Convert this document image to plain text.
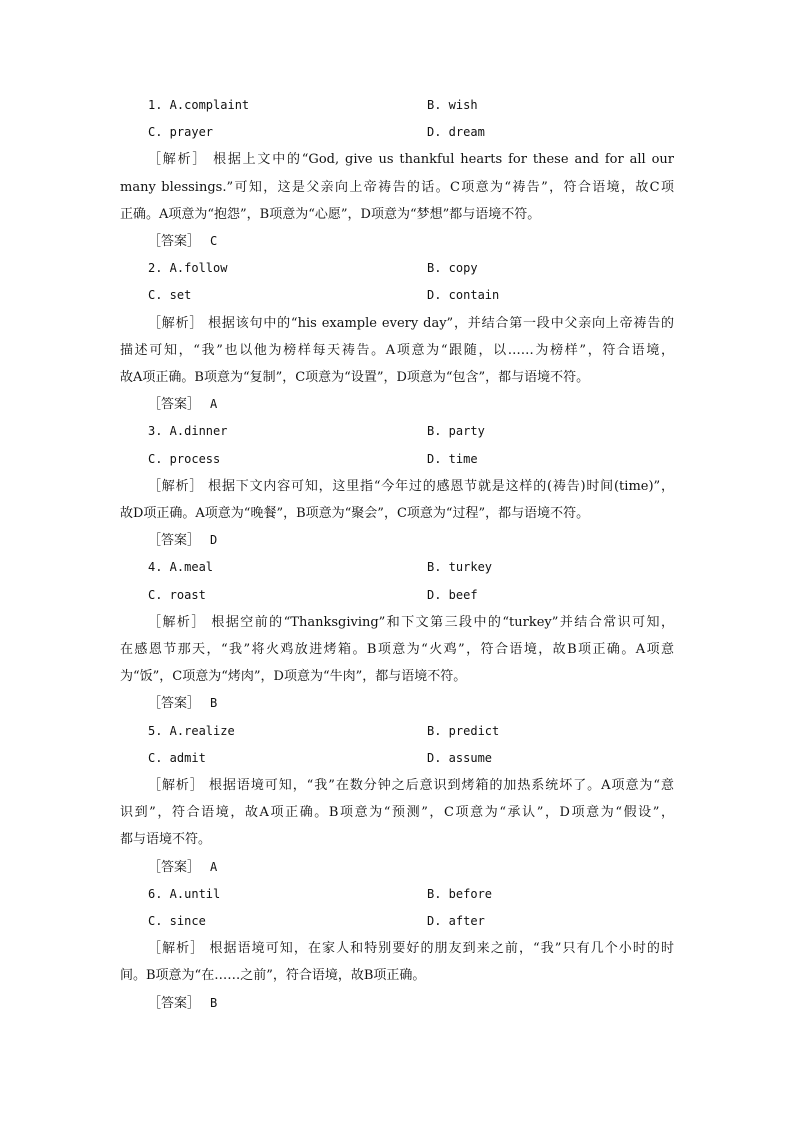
1. A.complaint	B. wish
C. prayer	D. dream
［解析］ 根据上文中的“God, give us thankful hearts for these and for all our
many blessings.”可知，这是父亲向上帝祷告的话。C项意为“祷告”，符合语境，故C项
正确。A项意为“抱怨”，B项意为“心愿”，D项意为“梦想”都与语境不符。
［答案］ C
2. A.follow	B. copy
C. set	D. contain
［解析］ 根据该句中的“his example every day”，并结合第一段中父亲向上帝祷告的
描述可知，“我”也以他为榜样每天祷告。A项意为“跟随，以……为榜样”，符合语境，
故A项正确。B项意为“复制”，C项意为“设置”，D项意为“包含”，都与语境不符。
［答案］ A
3. A.dinner	B. party
C. process	D. time
［解析］ 根据下文内容可知，这里指“今年过的感恩节就是这样的(祷告)时间(time)”，
故D项正确。A项意为“晚餐”，B项意为“聚会”，C项意为“过程”，都与语境不符。
［答案］ D
4. A.meal	B. turkey
C. roast	D. beef
［解析］ 根据空前的“Thanksgiving”和下文第三段中的“turkey”并结合常识可知，
在感恩节那天，“我”将火鸡放进烤箱。B项意为“火鸡”，符合语境，故B项正确。A项意
为“饭”，C项意为“烤肉”，D项意为“牛肉”，都与语境不符。
［答案］ B
5. A.realize	B. predict
C. admit	D. assume
［解析］ 根据语境可知，“我”在数分钟之后意识到烤箱的加热系统坏了。A项意为“意
识到”，符合语境，故A项正确。B项意为“预测”，C项意为“承认”，D项意为“假设”，
都与语境不符。
［答案］ A
6. A.until	B. before
C. since	D. after
［解析］ 根据语境可知，在家人和特别要好的朋友到来之前，“我”只有几个小时的时
间。B项意为“在……之前”，符合语境，故B项正确。
［答案］ B
